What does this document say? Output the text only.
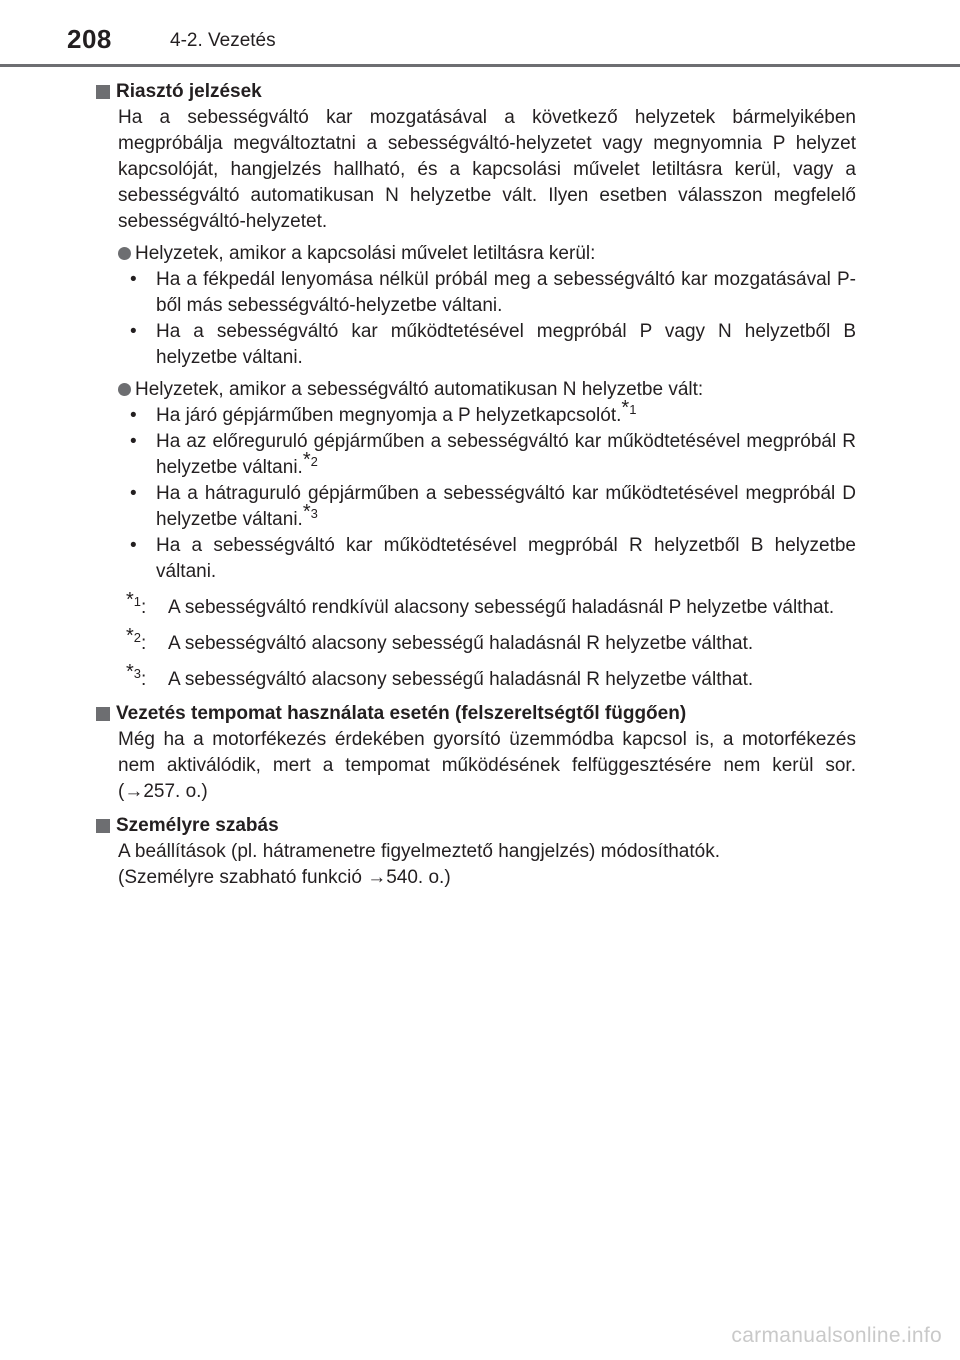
208	4-2. Vezetés
Riasztó jelzések
Ha a sebességváltó kar mozgatásával a következő helyzetek bármelyikében megpróbálja megváltoztatni a sebességváltó-helyzetet vagy megnyomnia P helyzet kapcsolóját, hangjelzés hallható, és a kapcsolási művelet letiltásra kerül, vagy a sebességváltó automatikusan N helyzetbe vált. Ilyen esetben válasszon megfelelő sebességváltó-helyzetet.
Helyzetek, amikor a kapcsolási művelet letiltásra kerül:
•	Ha a fékpedál lenyomása nélkül próbál meg a sebességváltó kar mozgatásával P-ből más sebességváltó-helyzetbe váltani.
•	Ha a sebességváltó kar működtetésével megpróbál P vagy N helyzetből B helyzetbe váltani.
Helyzetek, amikor a sebességváltó automatikusan N helyzetbe vált:
•	Ha járó gépjárműben megnyomja a P helyzetkapcsolót.$^{*1}$
•	Ha az előreguruló gépjárműben a sebességváltó kar működtetésével megpróbál R helyzetbe váltani.$^{*2}$
•	Ha a hátraguruló gépjárműben a sebességváltó kar működtetésével megpróbál D helyzetbe váltani.$^{*3}$
•	Ha a sebességváltó kar működtetésével megpróbál R helyzetből B helyzetbe váltani.
$^{*1}$:	A sebességváltó rendkívül alacsony sebességű haladásnál P helyzetbe válthat.
$^{*2}$:	A sebességváltó alacsony sebességű haladásnál R helyzetbe válthat.
$^{*3}$:	A sebességváltó alacsony sebességű haladásnál R helyzetbe válthat.
Vezetés tempomat használata esetén (felszereltségtől függően)
Még ha a motorfékezés érdekében gyorsító üzemmódba kapcsol is, a motorfékezés nem aktiválódik, mert a tempomat működésének felfüggesztésére nem kerül sor. (→257. o.)
Személyre szabás
A beállítások (pl. hátramenetre figyelmeztető hangjelzés) módosíthatók.
(Személyre szabható funkció →540. o.)
carmanualsonline.info
